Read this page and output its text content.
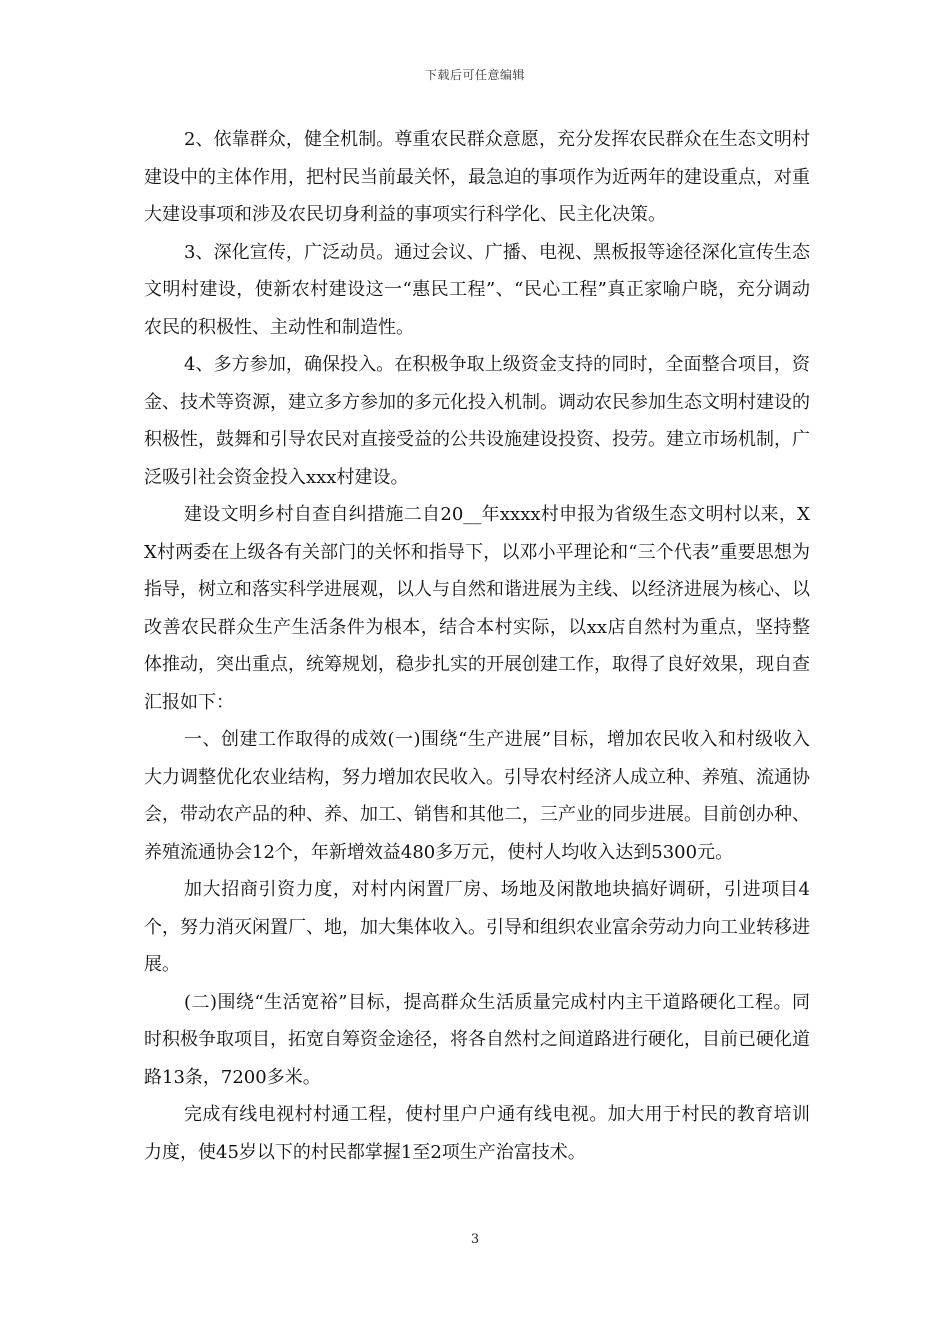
下载后可任意编辑

2、依靠群众，健全机制。尊重农民群众意愿，充分发挥农民群众在生态文明村建设中的主体作用，把村民当前最关怀，最急迫的事项作为近两年的建设重点，对重大建设事项和涉及农民切身利益的事项实行科学化、民主化决策。

3、深化宣传，广泛动员。通过会议、广播、电视、黑板报等途径深化宣传生态文明村建设，使新农村建设这一“惠民工程”、“民心工程”真正家喻户晓，充分调动农民的积极性、主动性和制造性。

4、多方参加，确保投入。在积极争取上级资金支持的同时，全面整合项目，资金、技术等资源，建立多方参加的多元化投入机制。调动农民参加生态文明村建设的积极性，鼓舞和引导农民对直接受益的公共设施建设投资、投劳。建立市场机制，广泛吸引社会资金投入xxx村建设。

建设文明乡村自查自纠措施二自20__年xxxx村申报为省级生态文明村以来，XX村两委在上级各有关部门的关怀和指导下，以邓小平理论和“三个代表”重要思想为指导，树立和落实科学进展观，以人与自然和谐进展为主线、以经济进展为核心、以改善农民群众生产生活条件为根本，结合本村实际，以xx店自然村为重点，坚持整体推动，突出重点，统筹规划，稳步扎实的开展创建工作，取得了良好效果，现自查汇报如下：

一、创建工作取得的成效(一)围绕“生产进展”目标，增加农民收入和村级收入大力调整优化农业结构，努力增加农民收入。引导农村经济人成立种、养殖、流通协会，带动农产品的种、养、加工、销售和其他二，三产业的同步进展。目前创办种、养殖流通协会12个，年新增效益480多万元，使村人均收入达到5300元。

加大招商引资力度，对村内闲置厂房、场地及闲散地块搞好调研，引进项目4个，努力消灭闲置厂、地，加大集体收入。引导和组织农业富余劳动力向工业转移进展。

(二)围绕“生活宽裕”目标，提高群众生活质量完成村内主干道路硬化工程。同时积极争取项目，拓宽自筹资金途径，将各自然村之间道路进行硬化，目前已硬化道路13条，7200多米。

完成有线电视村村通工程，使村里户户通有线电视。加大用于村民的教育培训力度，使45岁以下的村民都掌握1至2项生产治富技术。

3
